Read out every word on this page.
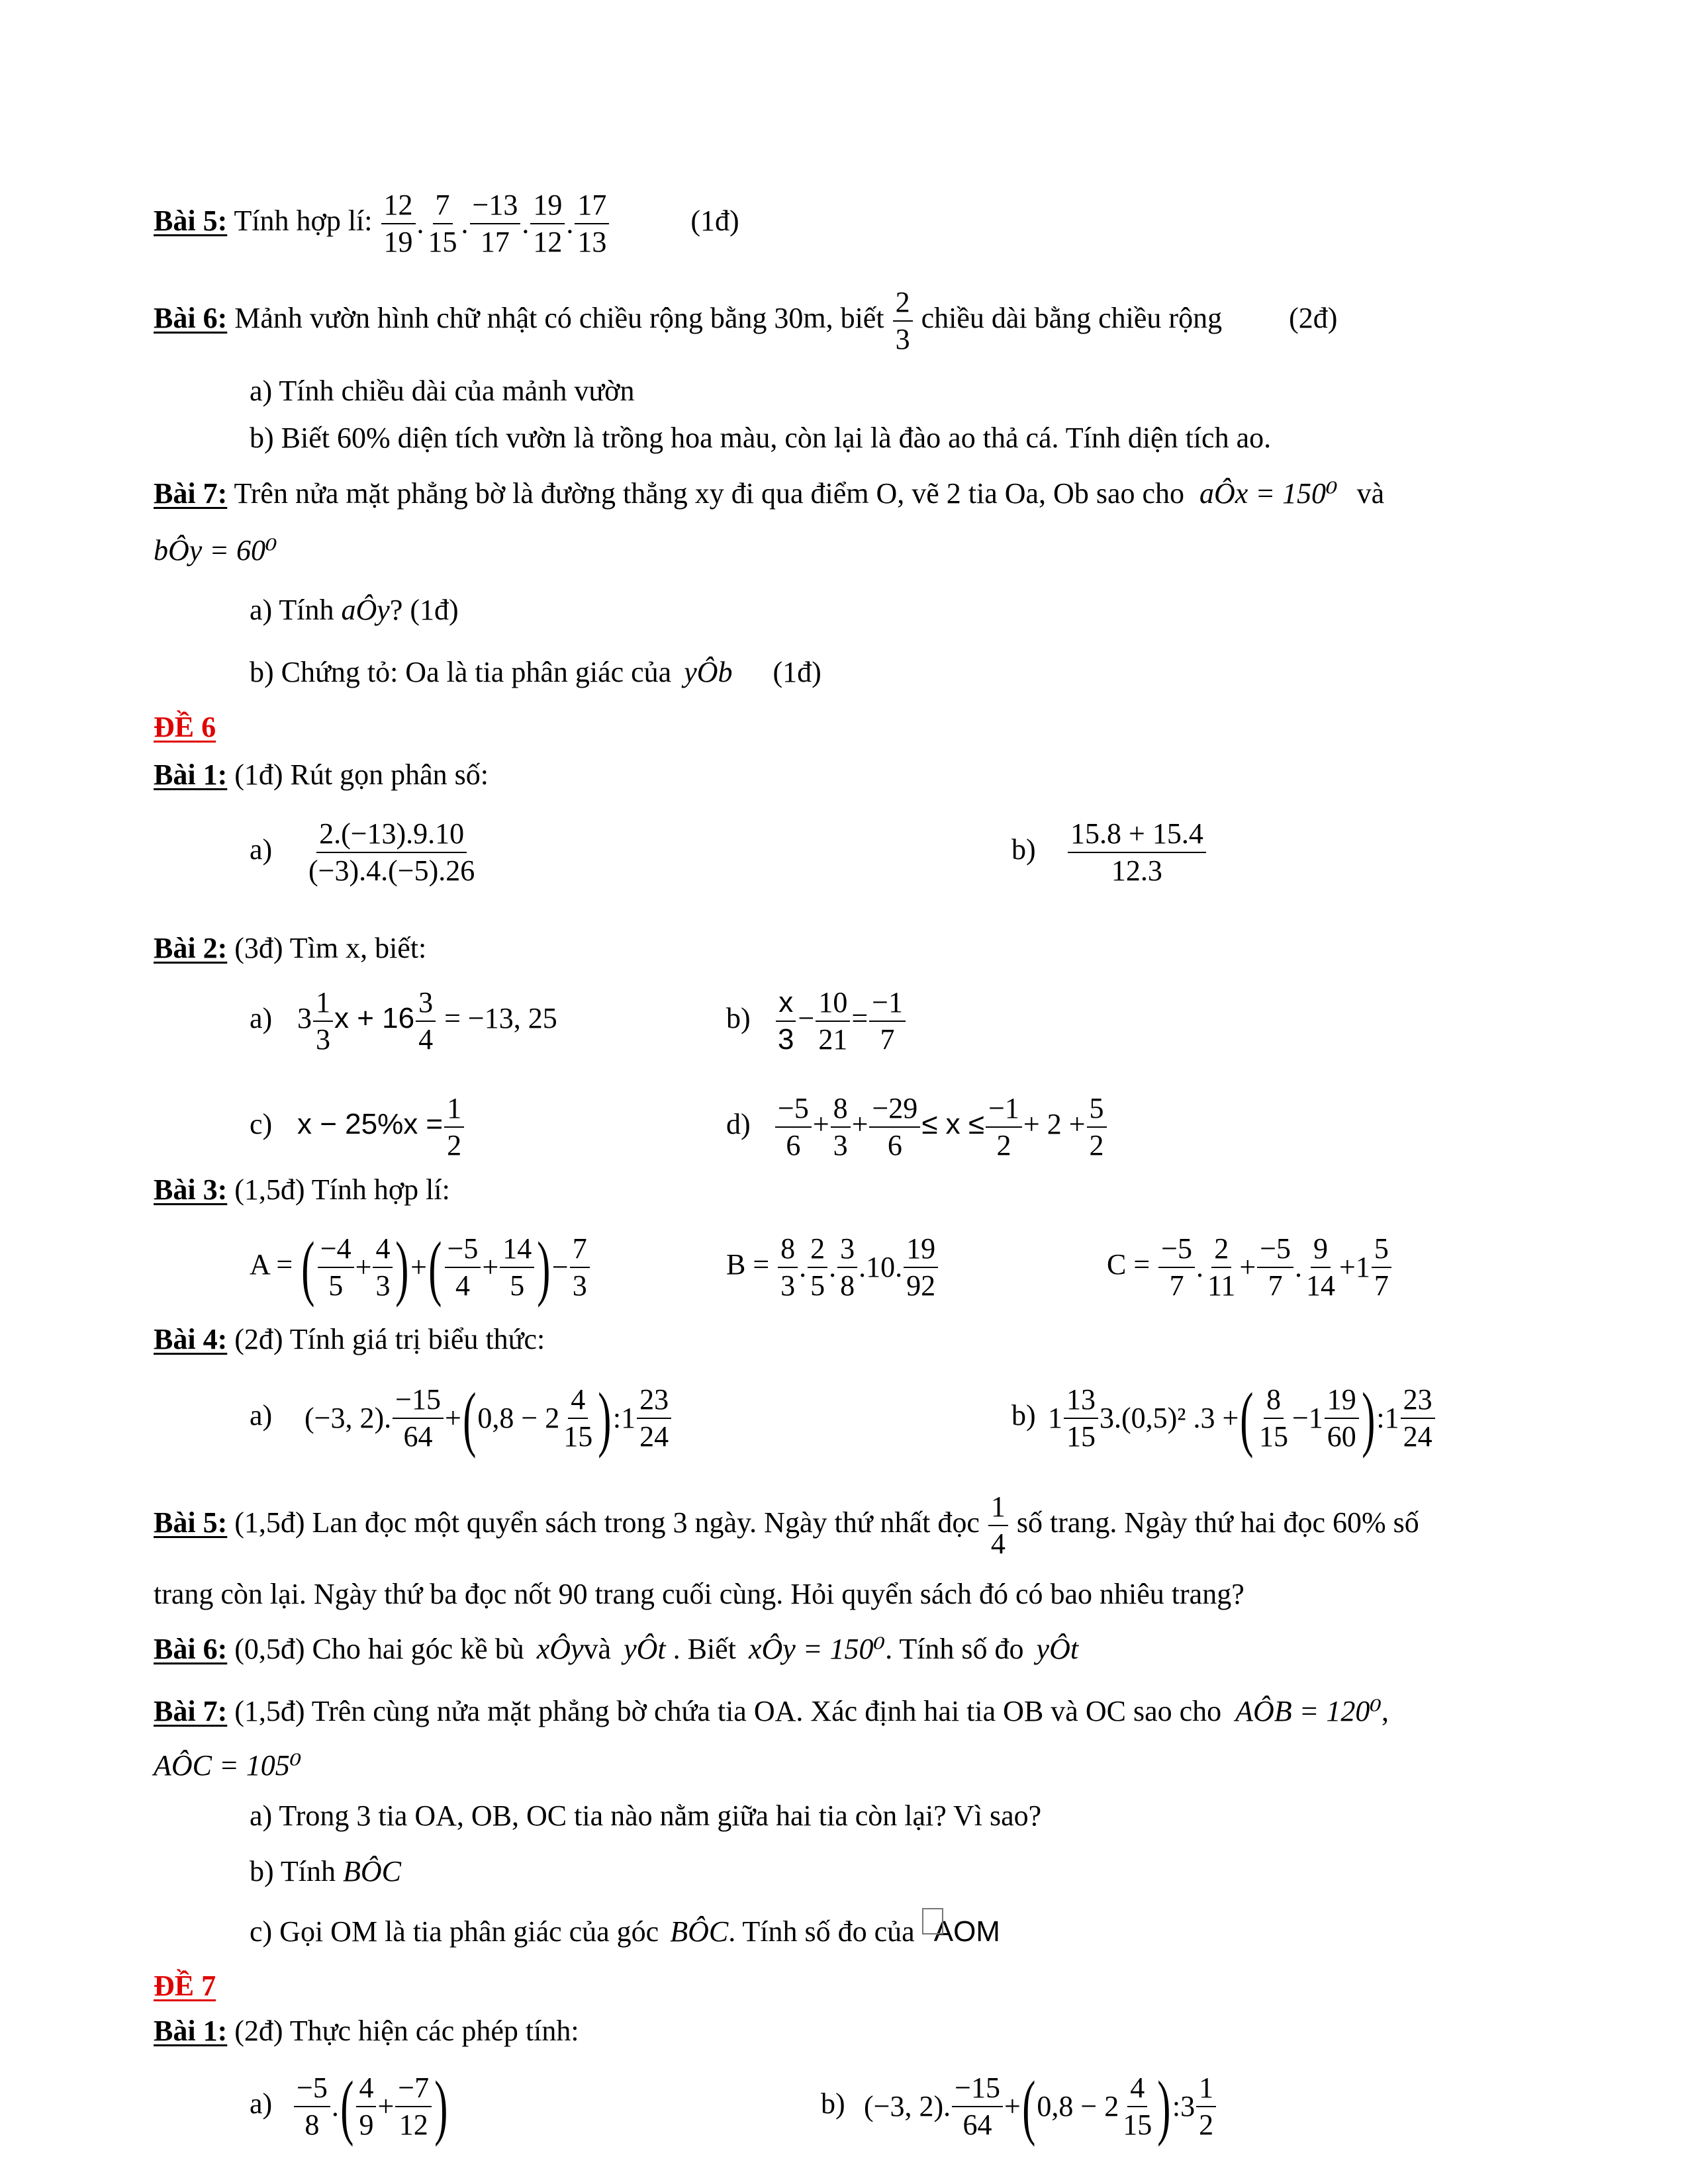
Bài 5: Tính hợp lí: $\frac{12}{19}$ . $\frac{7}{15}$ . $\frac{-13}{17}$ . $\frac{19}{12}$ . $\frac{17}{13}$	(1đ)
Bài 6: Mảnh vườn hình chữ nhật có chiều rộng bằng 30m, biết $\frac{2}{3}$ chiều dài bằng chiều rộng (2đ)
a) Tính chiều dài của mảnh vườn
b) Biết 60% diện tích vườn là trồng hoa màu, còn lại là đào ao thả cá. Tính diện tích ao.
Bài 7: Trên nửa mặt phẳng bờ là đường thẳng xy đi qua điểm O, vẽ 2 tia Oa, Ob sao cho aÔx = 150⁰ và
bÔy = 60⁰
a) Tính aÔy? (1đ)
b) Chứng tỏ: Oa là tia phân giác của yÔb (1đ)
ĐỀ 6
Bài 1: (1đ) Rút gọn phân số:
$a) \frac{2.(-13).9.10}{(-3).4.(-5).26}$	$b) \frac{15.8 + 15.4}{12.3}$
Bài 2: (3đ) Tìm x, biết:
a) $3 \frac{1}{3}$ $x + 16 \frac{3}{4} = -13$, 25	$b) \frac{x}{3} - \frac{10}{21} = \frac{-1}{7}$
c) $x - 25\%x = \frac{1}{2}$	$d) \frac{-5}{6} + \frac{8}{3} + \frac{-29}{6} \le x \le \frac{-1}{2} + 2 + \frac{5}{2}$
Bài 3: (1,5đ) Tính hợp lí:
A = ( $\frac{-4}{5} + \frac{4}{3}$ ) + ( $\frac{-5}{4} + \frac{14}{5}$ ) − $\frac{7}{3}$	$B = \frac{8}{3}$ . $\frac{2}{5}$ . $\frac{3}{8} .10$. $\frac{19}{92}$	$C = \frac{-5}{7}$ . $\frac{2}{11} + \frac{-5}{7}$ . $\frac{9}{14} +1 \frac{5}{7}$
Bài 4: (2đ) Tính giá trị biểu thức:
a) (−3, 2). $\frac{-15}{64}$ + ( $0,8 - 2 \frac{4}{15}$ ) :1 $\frac{23}{24}$	b) $1 \frac{13}{15} 3.(0,5)^2$ .3 + ( $\frac{8}{15} -1 \frac{19}{60}$ ) :1 $\frac{23}{24}$
Bài 5: (1,5đ) Lan đọc một quyển sách trong 3 ngày. Ngày thứ nhất đọc $\frac{1}{4}$ số trang. Ngày thứ hai đọc 60% số
trang còn lại. Ngày thứ ba đọc nốt 90 trang cuối cùng. Hỏi quyển sách đó có bao nhiêu trang?
Bài 6: (0,5đ) Cho hai góc kề bù xÔyvà yÔt . Biết xÔy = 150⁰. Tính số đo yÔt
Bài 7: (1,5đ) Trên cùng nửa mặt phẳng bờ chứa tia OA. Xác định hai tia OB và OC sao cho AÔB = 120⁰,
AÔC = 105⁰
a) Trong 3 tia OA, OB, OC tia nào nằm giữa hai tia còn lại? Vì sao?
b) Tính BÔC
c) Gọi OM là tia phân giác của góc BÔC. Tính số đo của AOM
ĐỀ 7
Bài 1: (2đ) Thực hiện các phép tính:
$a) \frac{-5}{8}$ . ( $\frac{4}{9} + \frac{-7}{12}$ )	b) (−3, 2). $\frac{-15}{64}$ + ( $0,8 - 2 \frac{4}{15}$ ) :3 $\frac{1}{2}$
